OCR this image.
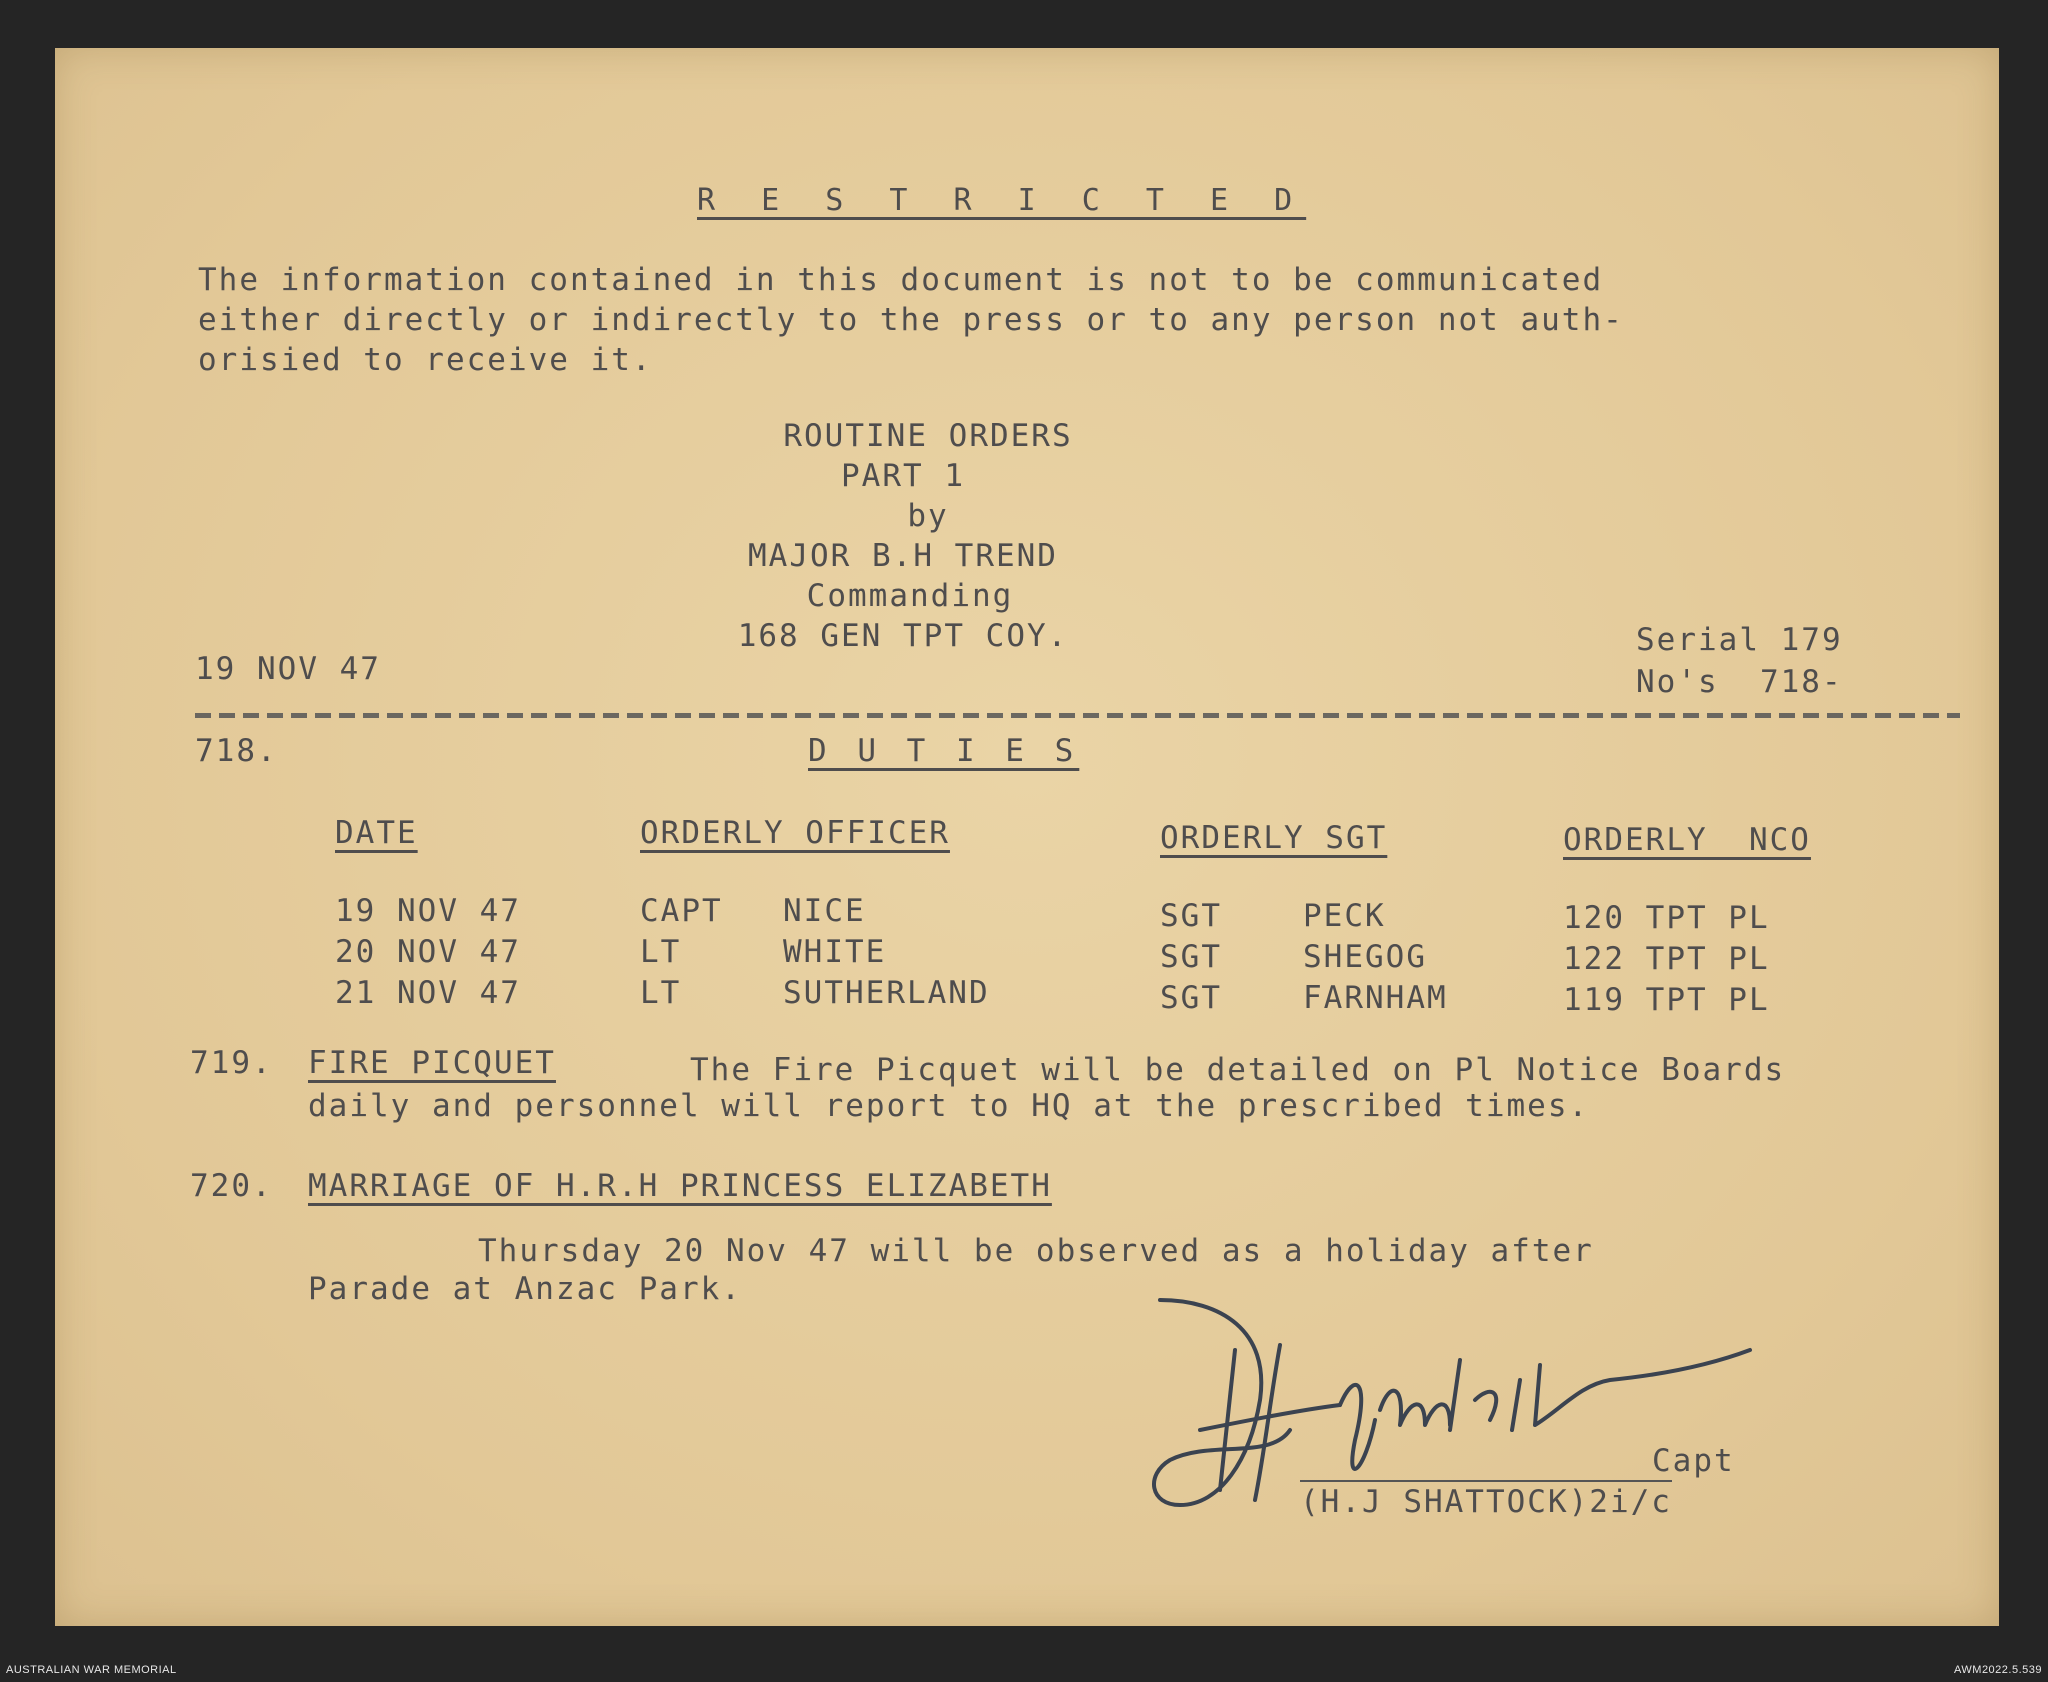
R E S T R I C T E D
The information contained in this document is not to be communicated
either directly or indirectly to the press or to any person not auth-
orisied to receive it.
ROUTINE ORDERS
PART 1
by
MAJOR B.H TREND
Commanding
168 GEN TPT COY.
19 NOV 47
Serial 179
No's  718-
718.	D U T I E S
DATE	ORDERLY OFFICER	ORDERLY SGT	ORDERLY  NCO
19 NOV 47	CAPT NICE	SGT	PECK	120 TPT PL
20 NOV 47	LT	WHITE	SGT	SHEGOG	122 TPT PL
21 NOV 47	LT	SUTHERLAND	SGT	FARNHAM	119 TPT PL
719. FIRE PICQUET	The Fire Picquet will be detailed on Pl Notice Boards
daily and personnel will report to HQ at the prescribed times.
720. MARRIAGE OF H.R.H PRINCESS ELIZABETH
Thursday 20 Nov 47 will be observed as a holiday after
Parade at Anzac Park.
Capt
(H.J SHATTOCK)2i/c
AUSTRALIAN WAR MEMORIAL	AWM2022.5.539
